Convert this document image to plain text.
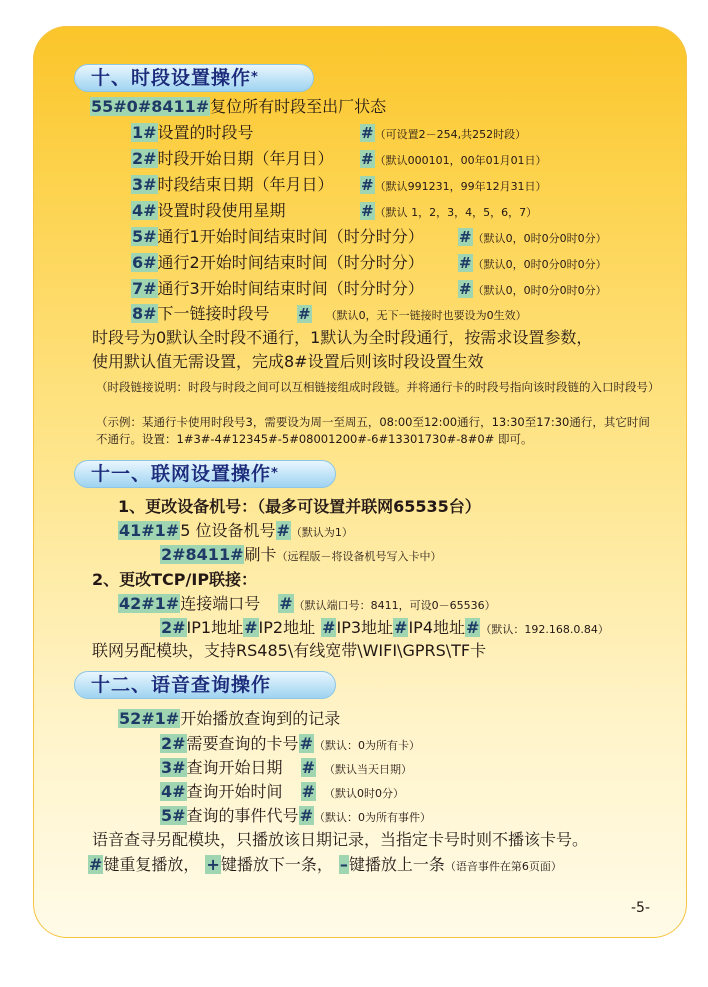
十、时段设置操作*
55#0#8411#复位所有时段至出厂状态
1#设置的时段号	#（可设置2－254,共252时段）
2#时段开始日期（年月日） #（默认000101，00年01月01日）
3#时段结束日期（年月日） #（默认991231，99年12月31日）
4#设置时段使用星期	#（默认 1，2，3，4，5，6，7）
5#通行1开始时间结束时间（时分时分） #（默认0，0时0分0时0分）
6#通行2开始时间结束时间（时分时分） #（默认0，0时0分0时0分）
7#通行3开始时间结束时间（时分时分） #（默认0，0时0分0时0分）
8#下一链接时段号 # （默认0，无下一链接时也要设为0生效）
时段号为0默认全时段不通行，1默认为全时段通行，按需求设置参数，
使用默认值无需设置，完成8#设置后则该时段设置生效
（时段链接说明：时段与时段之间可以互相链接组成时段链。并将通行卡的时段号指向该时段链的入口时段号）
（示例：某通行卡使用时段号3，需要设为周一至周五，08:00至12:00通行，13:30至17:30通行，其它时间不通行。设置：1#3#-4#12345#-5#08001200#-6#13301730#-8#0# 即可。
十一、联网设置操作*
1、更改设备机号：（最多可设置并联网65535台）
41#1#5 位设备机号#（默认为1）
2#8411#刷卡（远程版－将设备机号写入卡中）
2、更改TCP/IP联接：
42#1#连接端口号 #（默认端口号：8411，可设0－65536）
2#IP1地址#IP2地址 #IP3地址#IP4地址#（默认：192.168.0.84）
联网另配模块，支持RS485\有线宽带\WIFI\GPRS\TF卡
十二、语音查询操作
52#1#开始播放查询到的记录
2#需要查询的卡号#（默认：0为所有卡）
3#查询开始日期 # （默认当天日期）
4#查询开始时间 # （默认0时0分）
5#查询的事件代号#（默认：0为所有事件）
语音查寻另配模块，只播放该日期记录，当指定卡号时则不播该卡号。
#键重复播放， +键播放下一条， –键播放上一条（语音事件在第6页面）
-5-
